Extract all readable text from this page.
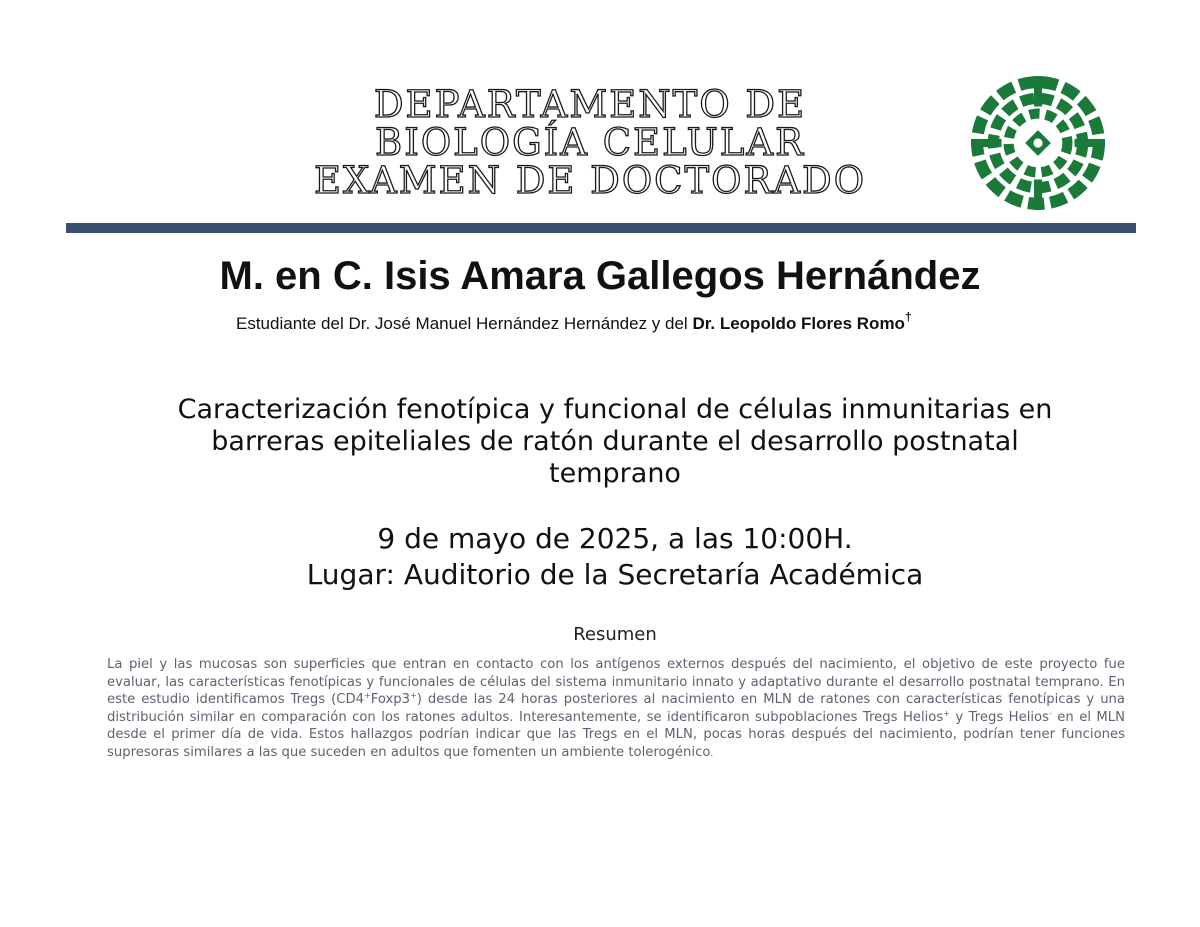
DEPARTAMENTO DE
BIOLOGÍA CELULAR
EXAMEN DE DOCTORADO
M. en C. Isis Amara Gallegos Hernández
Estudiante del Dr. José Manuel Hernández Hernández y del Dr. Leopoldo Flores Romo†
Caracterización fenotípica y funcional de células inmunitarias en
barreras epiteliales de ratón durante el desarrollo postnatal
temprano
9 de mayo de 2025, a las 10:00H.
Lugar: Auditorio de la Secretaría Académica
Resumen
La piel y las mucosas son superficies que entran en contacto con los antígenos externos después del nacimiento, el objetivo de este proyecto fue evaluar, las características fenotípicas y funcionales de células del sistema inmunitario innato y adaptativo durante el desarrollo postnatal temprano. En este estudio identificamos Tregs (CD4+Foxp3+) desde las 24 horas posteriores al nacimiento en MLN de ratones con características fenotípicas y una distribución similar en comparación con los ratones adultos. Interesantemente, se identificaron subpoblaciones Tregs Helios+ y Tregs Helios- en el MLN desde el primer día de vida. Estos hallazgos podrían indicar que las Tregs en el MLN, pocas horas después del nacimiento, podrían tener funciones supresoras similares a las que suceden en adultos que fomenten un ambiente tolerogénico.
